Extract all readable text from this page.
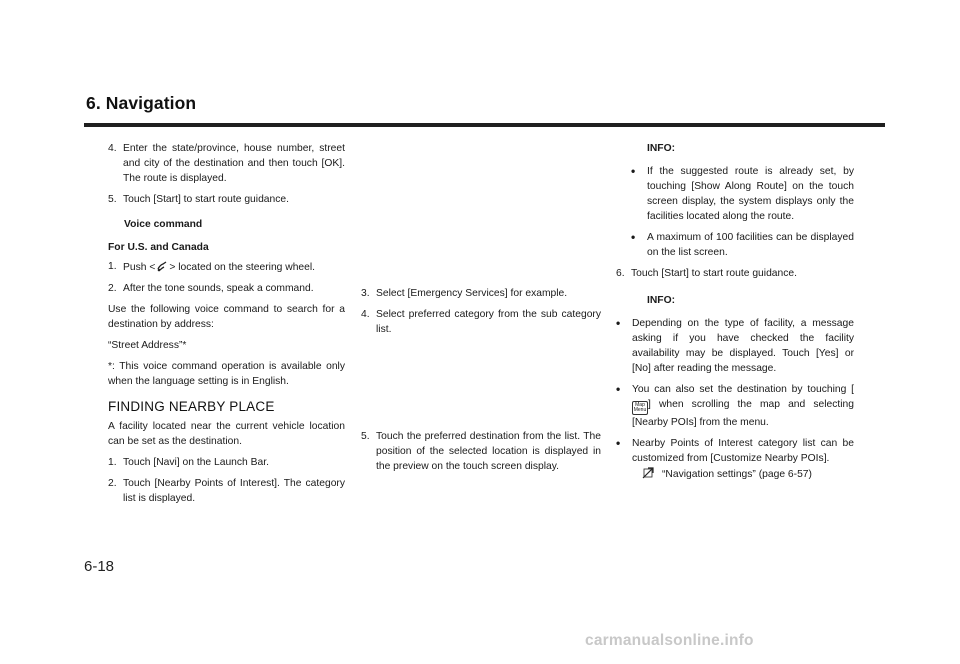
6. Navigation
4. Enter the state/province, house number, street and city of the destination and then touch [OK]. The route is displayed.
5. Touch [Start] to start route guidance.

Voice command

For U.S. and Canada

1. Push < > located on the steering wheel.
2. After the tone sounds, speak a command.

Use the following voice command to search for a destination by address:

“Street Address”*

*: This voice command operation is available only when the language setting is in English.

FINDING NEARBY PLACE

A facility located near the current vehicle location can be set as the destination.

1. Touch [Navi] on the Launch Bar.
2. Touch [Nearby Points of Interest]. The category list is displayed.
3. Select [Emergency Services] for example.
4. Select preferred category from the sub category list.
5. Touch the preferred destination from the list. The position of the selected location is displayed in the preview on the touch screen display.

INFO:

•	If the suggested route is already set, by touching [Show Along Route] on the touch screen display, the system displays only the facilities located along the route.
•	A maximum of 100 facilities can be displayed on the list screen.
6. Touch [Start] to start route guidance.

INFO:

•	Depending on the type of facility, a message asking if you have checked the facility availability may be displayed. Touch [Yes] or [No] after reading the message.
•	You can also set the destination by touching [Map
Menu ] when scrolling the map and selecting [Nearby POIs] from the menu.
•	Nearby Points of Interest category list can be customized from [Customize Nearby POIs].
“Navigation settings” (page 6-57)

6-18

carmanualsonline.info
